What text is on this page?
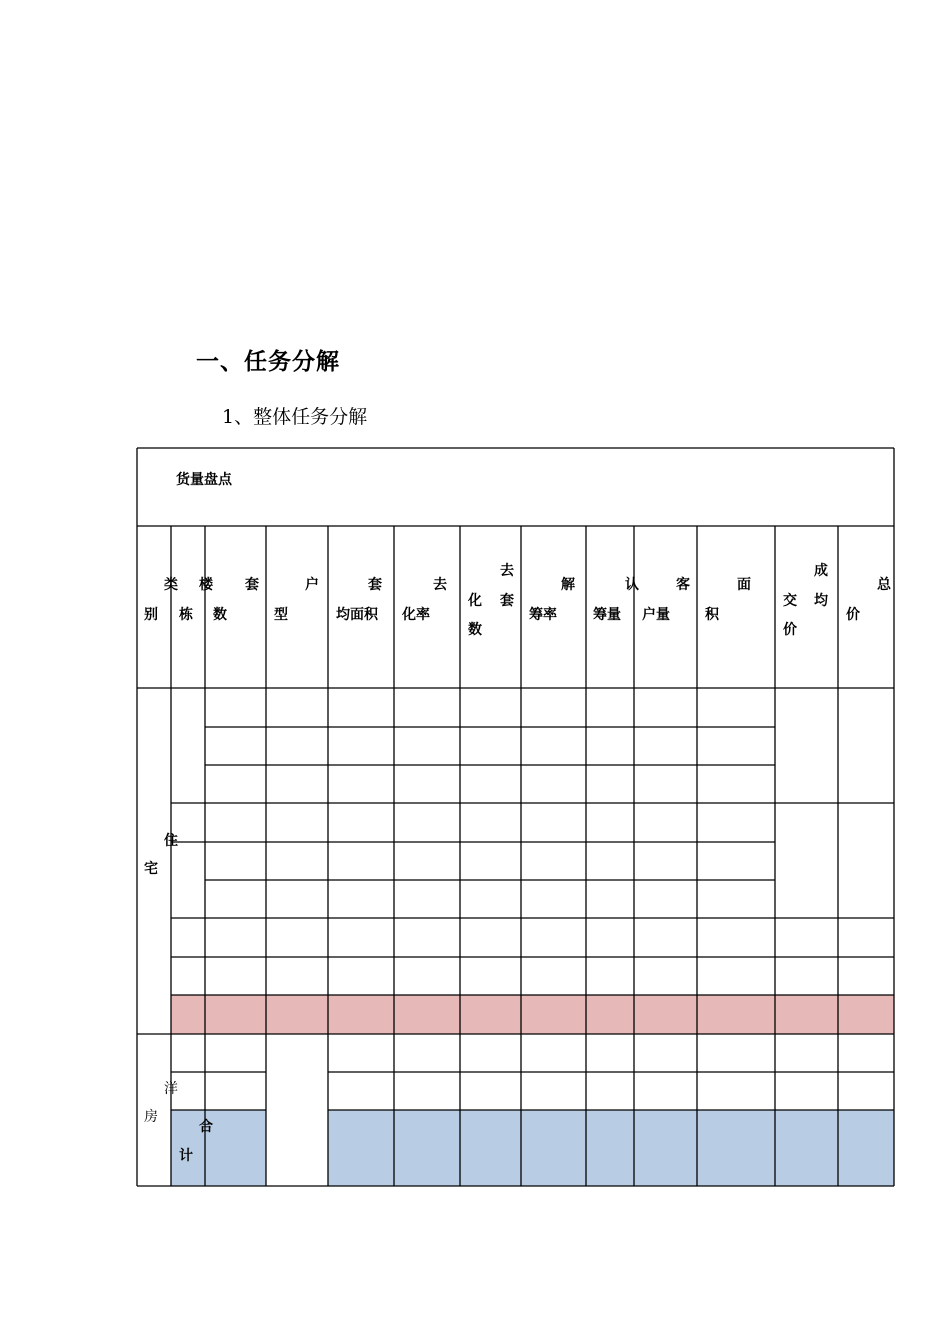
一、任务分解
1、整体任务分解
货量盘点
类
别
楼
栋
套
数
户
型
套
均面积
去
化率
去
化 套
数
解
筹率
认
筹量
客
户量
面
积
成
交 均
价
总
价
住
宅
洋
房
合
计
